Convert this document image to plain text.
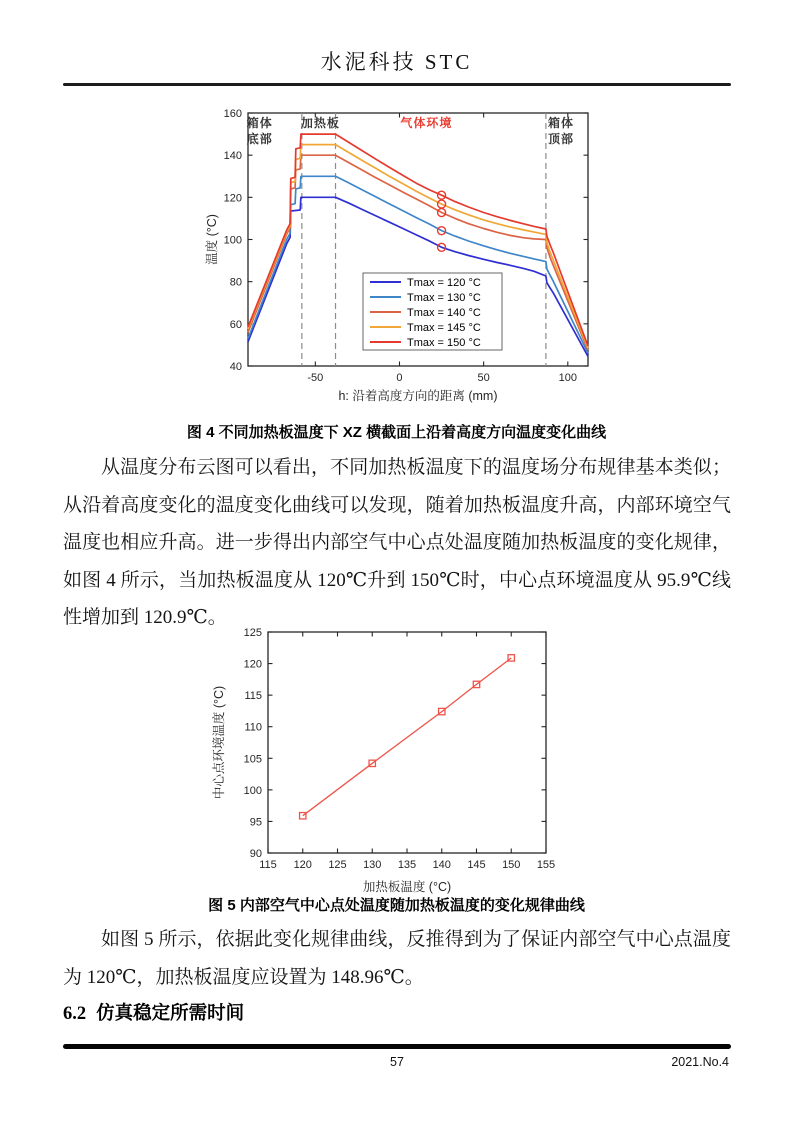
水泥科技 STC
-50	0	50	100
40
60
80
100
120
140
160
h: 沿着高度方向的距离 (mm)
温度 (°C)
箱体
底部
加热板	气体环境	箱体
顶部
Tmax = 120 °C
Tmax = 130 °C
Tmax = 140 °C
Tmax = 145 °C
Tmax = 150 °C
图 4 不同加热板温度下 XZ 横截面上沿着高度方向温度变化曲线
从温度分布云图可以看出，不同加热板温度下的温度场分布规律基本类似；
从沿着高度变化的温度变化曲线可以发现，随着加热板温度升高，内部环境空气
温度也相应升高。进一步得出内部空气中心点处温度随加热板温度的变化规律，
如图 4 所示，当加热板温度从 120℃升到 150℃时，中心点环境温度从 95.9℃线
性增加到 120.9℃。
115 120 125 130 135 140 145 150 155
90
95
100
105
110
115
120
125
加热板温度 (°C)
中心点环境温度 (°C)
图 5 内部空气中心点处温度随加热板温度的变化规律曲线
如图 5 所示，依据此变化规律曲线，反推得到为了保证内部空气中心点温度
为 120℃，加热板温度应设置为 148.96℃。
6.2 仿真稳定所需时间
57	2021.No.4
